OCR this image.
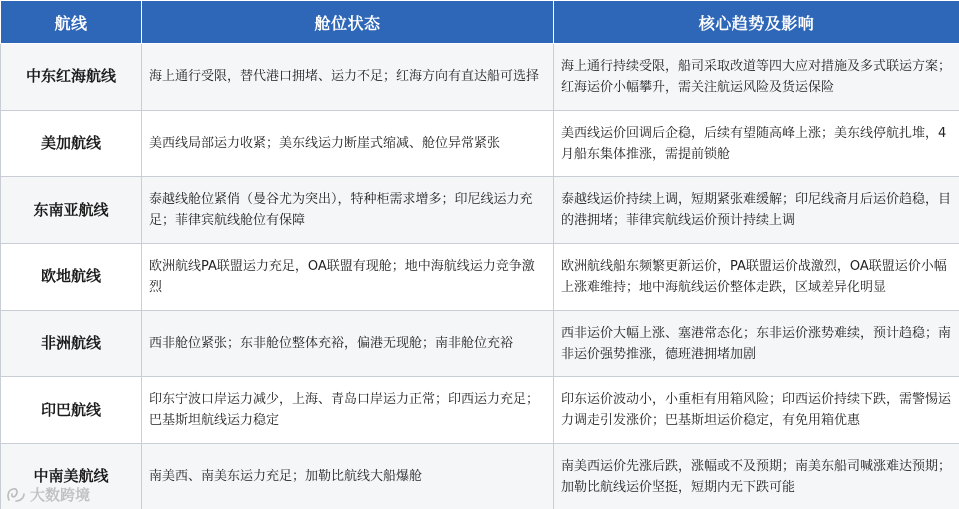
航线	舱位状态	核心趋势及影响
中东红海航线	海上通行受限，替代港口拥堵、运力不足；红海方向有直达船可选择	海上通行持续受限，船司采取改道等四大应对措施及多式联运方案；红海运价小幅攀升，需关注航运风险及货运保险
美加航线	美西线局部运力收紧；美东线运力断崖式缩减、舱位异常紧张	美西线运价回调后企稳，后续有望随高峰上涨；美东线停航扎堆，4月船东集体推涨，需提前锁舱
东南亚航线	泰越线舱位紧俏（曼谷尤为突出），特种柜需求增多；印尼线运力充足；菲律宾航线舱位有保障	泰越线运价持续上调，短期紧张难缓解；印尼线斋月后运价趋稳，目的港拥堵；菲律宾航线运价预计持续上调
欧地航线	欧洲航线PA联盟运力充足，OA联盟有现舱；地中海航线运力竞争激烈	欧洲航线船东频繁更新运价，PA联盟运价战激烈，OA联盟运价小幅上涨难维持；地中海航线运价整体走跌，区域差异化明显
非洲航线	西非舱位紧张；东非舱位整体充裕，偏港无现舱；南非舱位充裕	西非运价大幅上涨、塞港常态化；东非运价涨势难续，预计趋稳；南非运价强势推涨，德班港拥堵加剧
印巴航线	印东宁波口岸运力减少，上海、青岛口岸运力正常；印西运力充足；巴基斯坦航线运力稳定	印东运价波动小，小重柜有用箱风险；印西运价持续下跌，需警惕运力调走引发涨价；巴基斯坦运价稳定，有免用箱优惠
中南美航线	南美西、南美东运力充足；加勒比航线大船爆舱	南美西运价先涨后跌，涨幅或不及预期；南美东船司喊涨难达预期；加勒比航线运价坚挺，短期内无下跌可能
大数跨境
